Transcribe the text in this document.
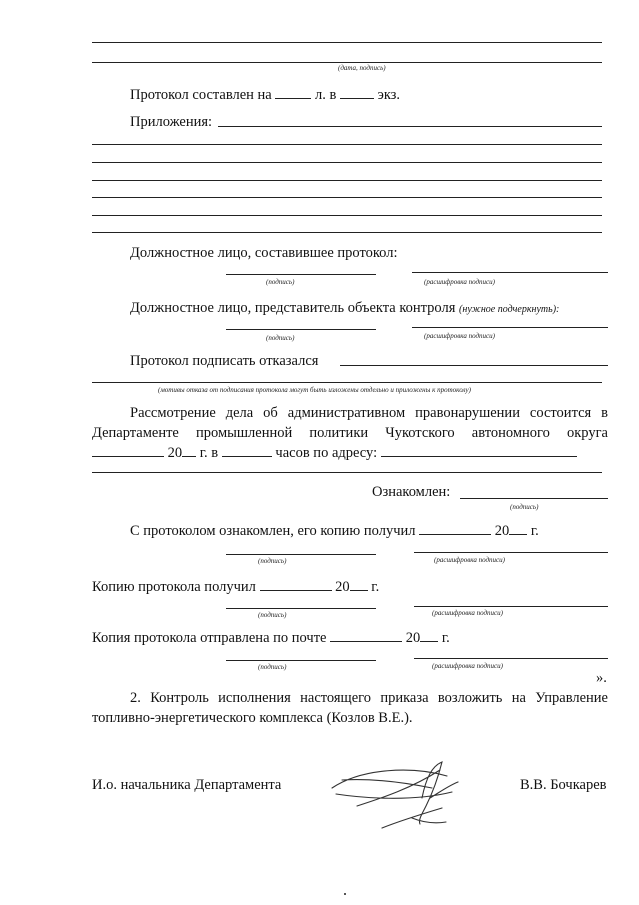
(дата, подпись)
Протокол составлен на	л. в	экз.
Приложения:
Должностное лицо, составившее протокол:
(подпись)	(расшифровка подписи)
Должностное лицо, представитель объекта контроля (нужное подчеркнуть):
(подпись)	(расшифровка подписи)
Протокол подписать отказался
(мотивы отказа от подписания протокола могут быть изложены отдельно и приложены к протоколу)
Рассмотрение дела об административном правонарушении состоится в
Департаменте промышленной политики Чукотского автономного округа
20 г. в	часов по адресу:
Ознакомлен:
(подпись)
С протоколом ознакомлен, его копию получил	20 г.
(подпись)	(расшифровка подписи)
Копию протокола получил	20 г.
(подпись)	(расшифровка подписи)
Копия протокола отправлена по почте	20 г.
(подпись)	(расшифровка подписи)
».
2. Контроль исполнения настоящего приказа возложить на Управление
топливно-энергетического комплекса (Козлов В.Е.).
И.о. начальника Департамента	В.В. Бочкарев
